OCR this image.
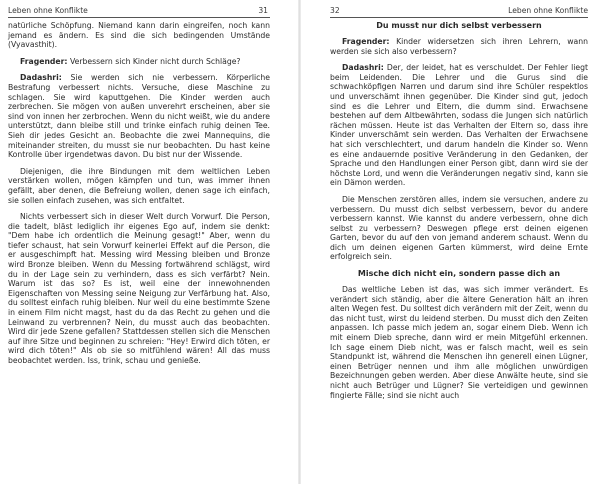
Leben ohne Konflikte	31

natürliche Schöpfung. Niemand kann darin eingreifen, noch kann jemand es ändern. Es sind die sich bedingenden Umstände (Vyavasthit).

Fragender: Verbessern sich Kinder nicht durch Schläge?

Dadashri: Sie werden sich nie verbessern. Körperliche Bestrafung verbessert nichts. Versuche, diese Maschine zu schlagen. Sie wird kaputtgehen. Die Kinder werden auch zerbrechen. Sie mögen von außen unverehrt erscheinen, aber sie sind von innen her zerbrochen. Wenn du nicht weißt, wie du andere unterstützt, dann bleibe still und trinke einfach ruhig deinen Tee. Sieh dir jedes Gesicht an. Beobachte die zwei Mannequins, die miteinander streiten, du musst sie nur beobachten. Du hast keine Kontrolle über irgendetwas davon. Du bist nur der Wissende.

Diejenigen, die ihre Bindungen mit dem weltlichen Leben verstärken wollen, mögen kämpfen und tun, was immer ihnen gefällt, aber denen, die Befreiung wollen, denen sage ich einfach, sie sollen einfach zusehen, was sich entfaltet.

Nichts verbessert sich in dieser Welt durch Vorwurf. Die Person, die tadelt, bläst lediglich ihr eigenes Ego auf, indem sie denkt: "Dem habe ich ordentlich die Meinung gesagt!" Aber, wenn du tiefer schaust, hat sein Vorwurf keinerlei Effekt auf die Person, die er ausgeschimpft hat. Messing wird Messing bleiben und Bronze wird Bronze bleiben. Wenn du Messing fortwährend schlägst, wird du in der Lage sein zu verhindern, dass es sich verfärbt? Nein. Warum ist das so? Es ist, weil eine der innewohnenden Eigenschaften von Messing seine Neigung zur Verfärbung hat. Also, du solltest einfach ruhig bleiben. Nur weil du eine bestimmte Szene in einem Film nicht magst, hast du da das Recht zu gehen und die Leinwand zu verbrennen? Nein, du musst auch das beobachten. Wird dir jede Szene gefallen? Stattdessen stellen sich die Menschen auf ihre Sitze und beginnen zu schreien: "Hey! Erwird dich töten, er wird dich töten!" Als ob sie so mitfühlend wären! All das muss beobachtet werden. Iss, trink, schau und genieße.

32	Leben ohne Konflikte
Du musst nur dich selbst verbessern

Fragender: Kinder widersetzen sich ihren Lehrern, wann werden sie sich also verbessern?

Dadashri: Der, der leidet, hat es verschuldet. Der Fehler liegt beim Leidenden. Die Lehrer und die Gurus sind die schwachköpfigen Narren und darum sind ihre Schüler respektlos und unverschämt ihnen gegenüber. Die Kinder sind gut, jedoch sind es die Lehrer und Eltern, die dumm sind. Erwachsene bestehen auf dem Altbewährten, sodass die Jungen sich natürlich rächen müssen. Heute ist das Verhalten der Eltern so, dass ihre Kinder unverschämt sein werden. Das Verhalten der Erwachsene hat sich verschlechtert, und darum handeln die Kinder so. Wenn es eine andauernde positive Veränderung in den Gedanken, der Sprache und den Handlungen einer Person gibt, dann wird sie der höchste Lord, und wenn die Veränderungen negativ sind, kann sie ein Dämon werden.

Die Menschen zerstören alles, indem sie versuchen, andere zu verbessern. Du musst dich selbst verbessern, bevor du andere verbessern kannst. Wie kannst du andere verbessern, ohne dich selbst zu verbessern? Deswegen pflege erst deinen eigenen Garten, bevor du auf den von jemand anderem schaust. Wenn du dich um deinen eigenen Garten kümmerst, wird deine Ernte erfolgreich sein.

Mische dich nicht ein, sondern passe dich an

Das weltliche Leben ist das, was sich immer verändert. Es verändert sich ständig, aber die ältere Generation hält an ihren alten Wegen fest. Du solltest dich verändern mit der Zeit, wenn du das nicht tust, wirst du leidend sterben. Du musst dich den Zeiten anpassen. Ich passe mich jedem an, sogar einem Dieb. Wenn ich mit einem Dieb spreche, dann wird er mein Mitgefühl erkennen. Ich sage einem Dieb nicht, was er falsch macht, weil es sein Standpunkt ist, während die Menschen ihn generell einen Lügner, einen Betrüger nennen und ihm alle möglichen unwürdigen Bezeichnungen geben werden. Aber diese Anwälte heute, sind sie nicht auch Betrüger und Lügner? Sie verteidigen und gewinnen fingierte Fälle; sind sie nicht auch
